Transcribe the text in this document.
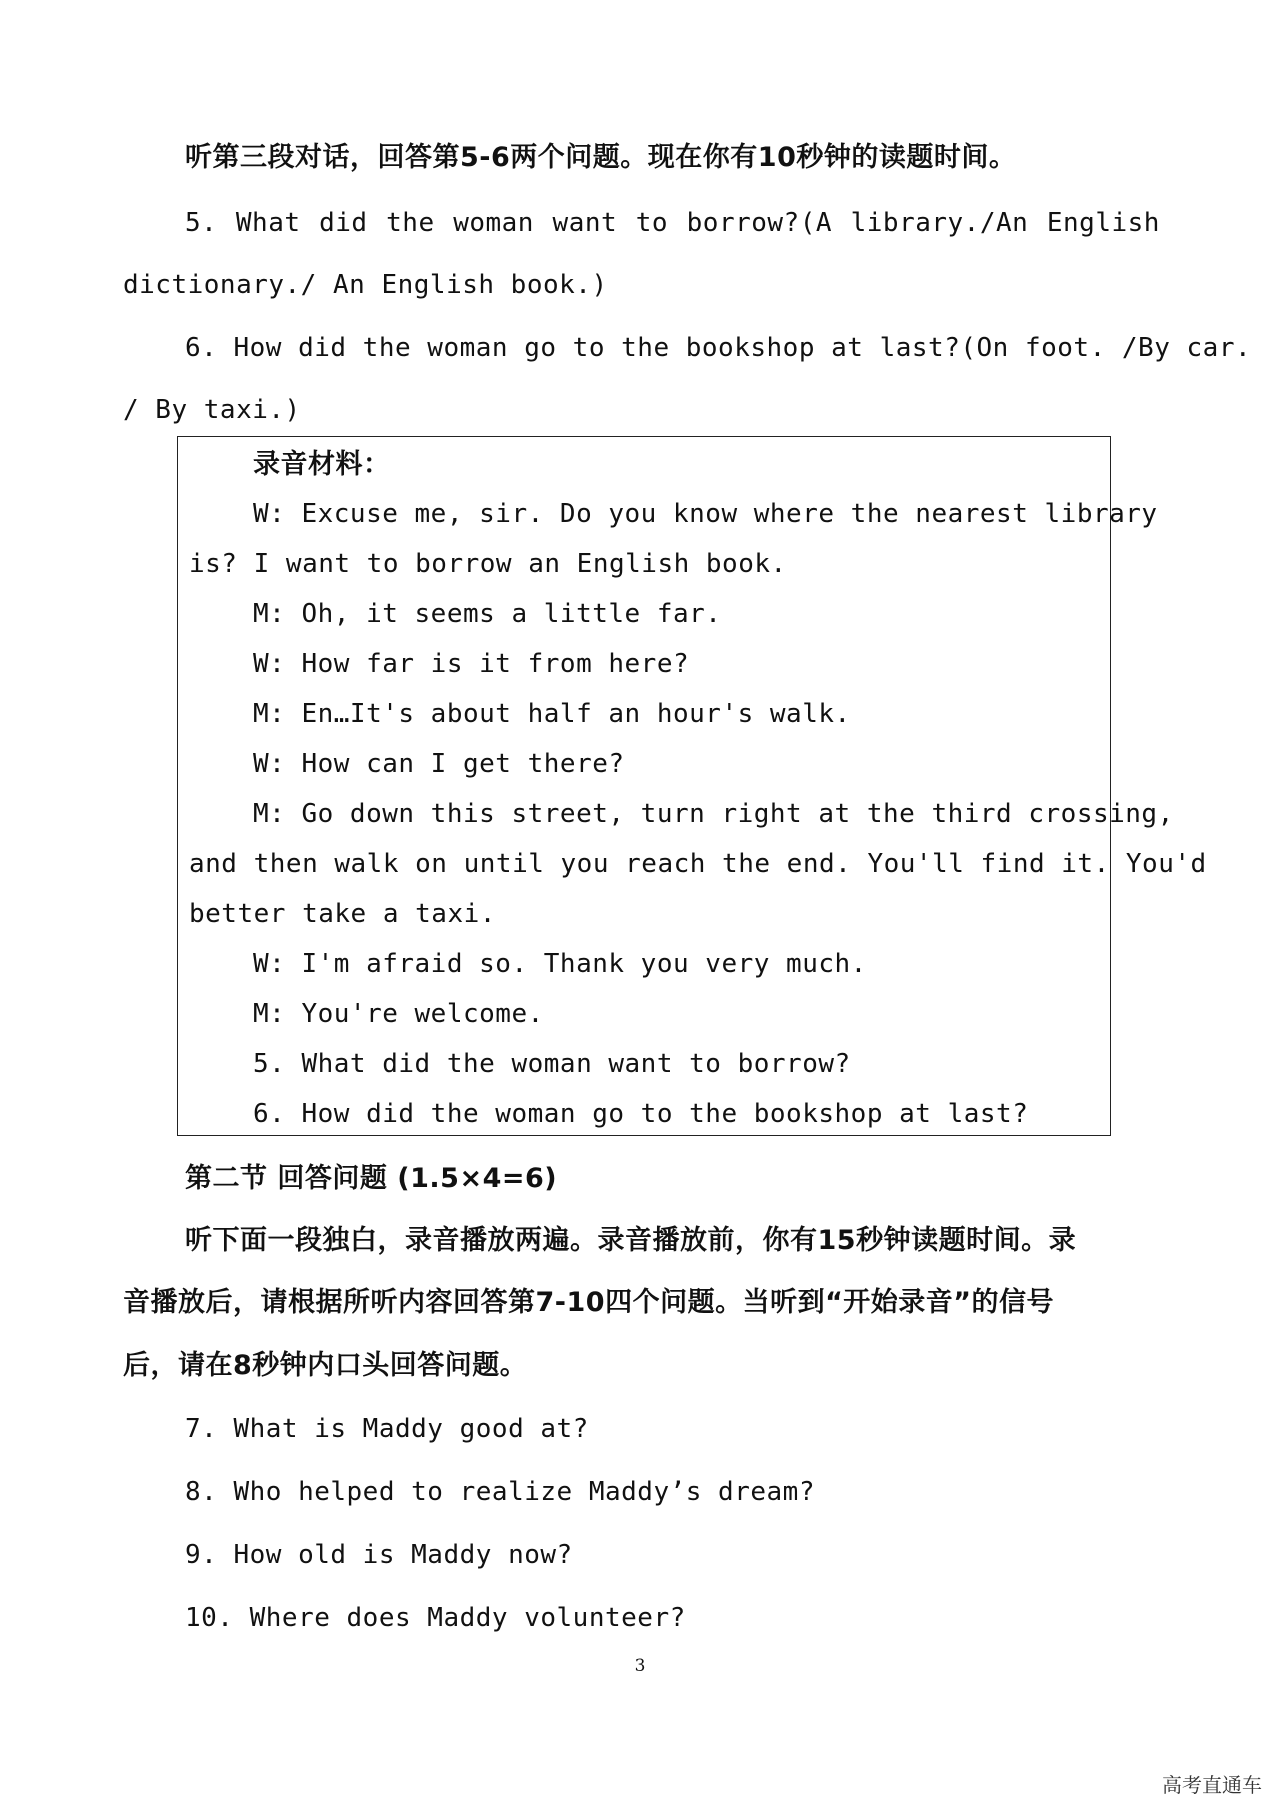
听第三段对话，回答第5-6两个问题。现在你有10秒钟的读题时间。
5. What did the woman want to borrow?(A library./An English
dictionary./ An English book.)
6. How did the woman go to the bookshop at last?(On foot. /By car.
/ By taxi.)
录音材料：
W: Excuse me, sir. Do you know where the nearest library
is? I want to borrow an English book.
M: Oh, it seems a little far.
W: How far is it from here?
M: En…It's about half an hour's walk.
W: How can I get there?
M: Go down this street, turn right at the third crossing,
and then walk on until you reach the end. You'll find it. You'd
better take a taxi.
W: I'm afraid so. Thank you very much.
M: You're welcome.
5. What did the woman want to borrow?
6. How did the woman go to the bookshop at last?
第二节 回答问题 (1.5×4=6)
听下面一段独白，录音播放两遍。录音播放前，你有15秒钟读题时间。录
音播放后，请根据所听内容回答第7-10四个问题。当听到“开始录音”的信号
后，请在8秒钟内口头回答问题。
7. What is Maddy good at?
8. Who helped to realize Maddy’s dream?
9. How old is Maddy now?
10. Where does Maddy volunteer?
3
高考直通车
